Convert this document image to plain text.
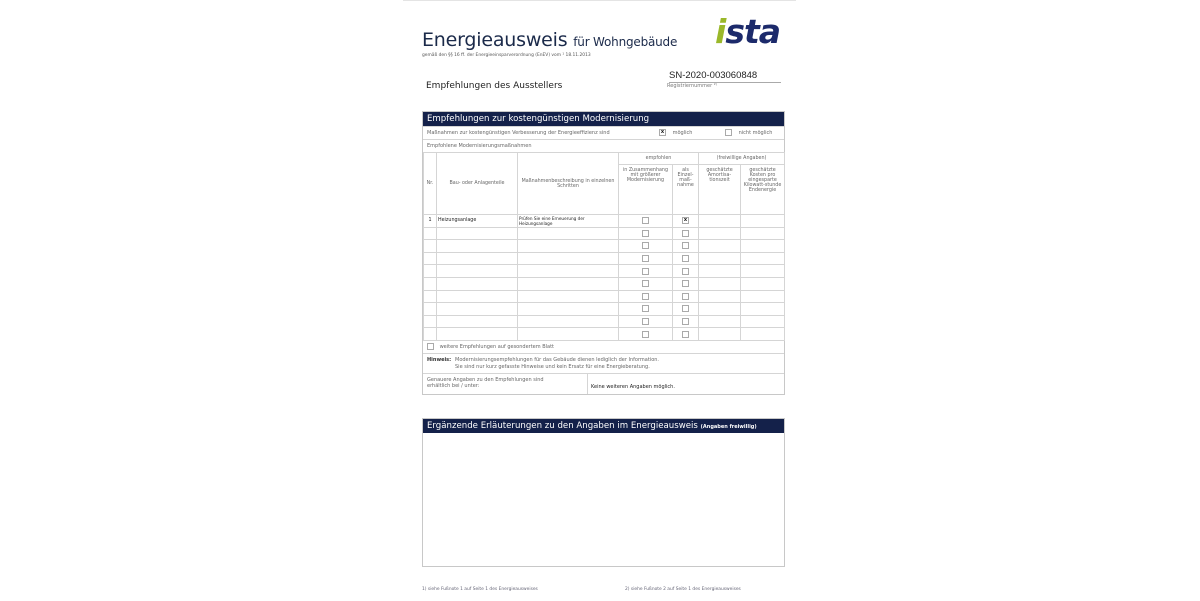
Energieausweis für Wohngebäude
gemäß den §§ 16 ff. der Energieeinsparverordnung (EnEV) vom ¹ 18.11.2013
ista
Empfehlungen des Ausstellers
SN-2020-003060848
Registriernummer ²⁾
Empfehlungen zur kostengünstigen Modernisierung
Maßnahmen zur kostengünstigen Verbesserung der Energieeffizienz sind	x möglich	nicht möglich
Empfohlene Modernisierungsmaßnahmen
Nr.	Bau- oder Anlagenteile	Maßnahmenbeschreibung in einzelnen Schritten	empfohlen		(freiwillige Angaben)	
			in Zusammenhang mit größerer Modernisierung	als Einzel-maß-nahme	geschätzte Amortisa-tionszeit	geschätzte Kosten pro eingesparte Kilowatt-stunde Endenergie
1	Heizungsanlage	Prüfen Sie eine Erneuerung der Heizungsanlage		x		

weitere Empfehlungen auf gesondertem Blatt
Hinweis: Modernisierungsempfehlungen für das Gebäude dienen lediglich der Information.
Sie sind nur kurz gefasste Hinweise und kein Ersatz für eine Energieberatung.
Genauere Angaben zu den Empfehlungen sind erhältlich bei / unter:	Keine weiteren Angaben möglich.
Ergänzende Erläuterungen zu den Angaben im Energieausweis (Angaben freiwillig)
1) siehe Fußnote 1 auf Seite 1 des Energieausweises	2) siehe Fußnote 2 auf Seite 1 des Energieausweises
